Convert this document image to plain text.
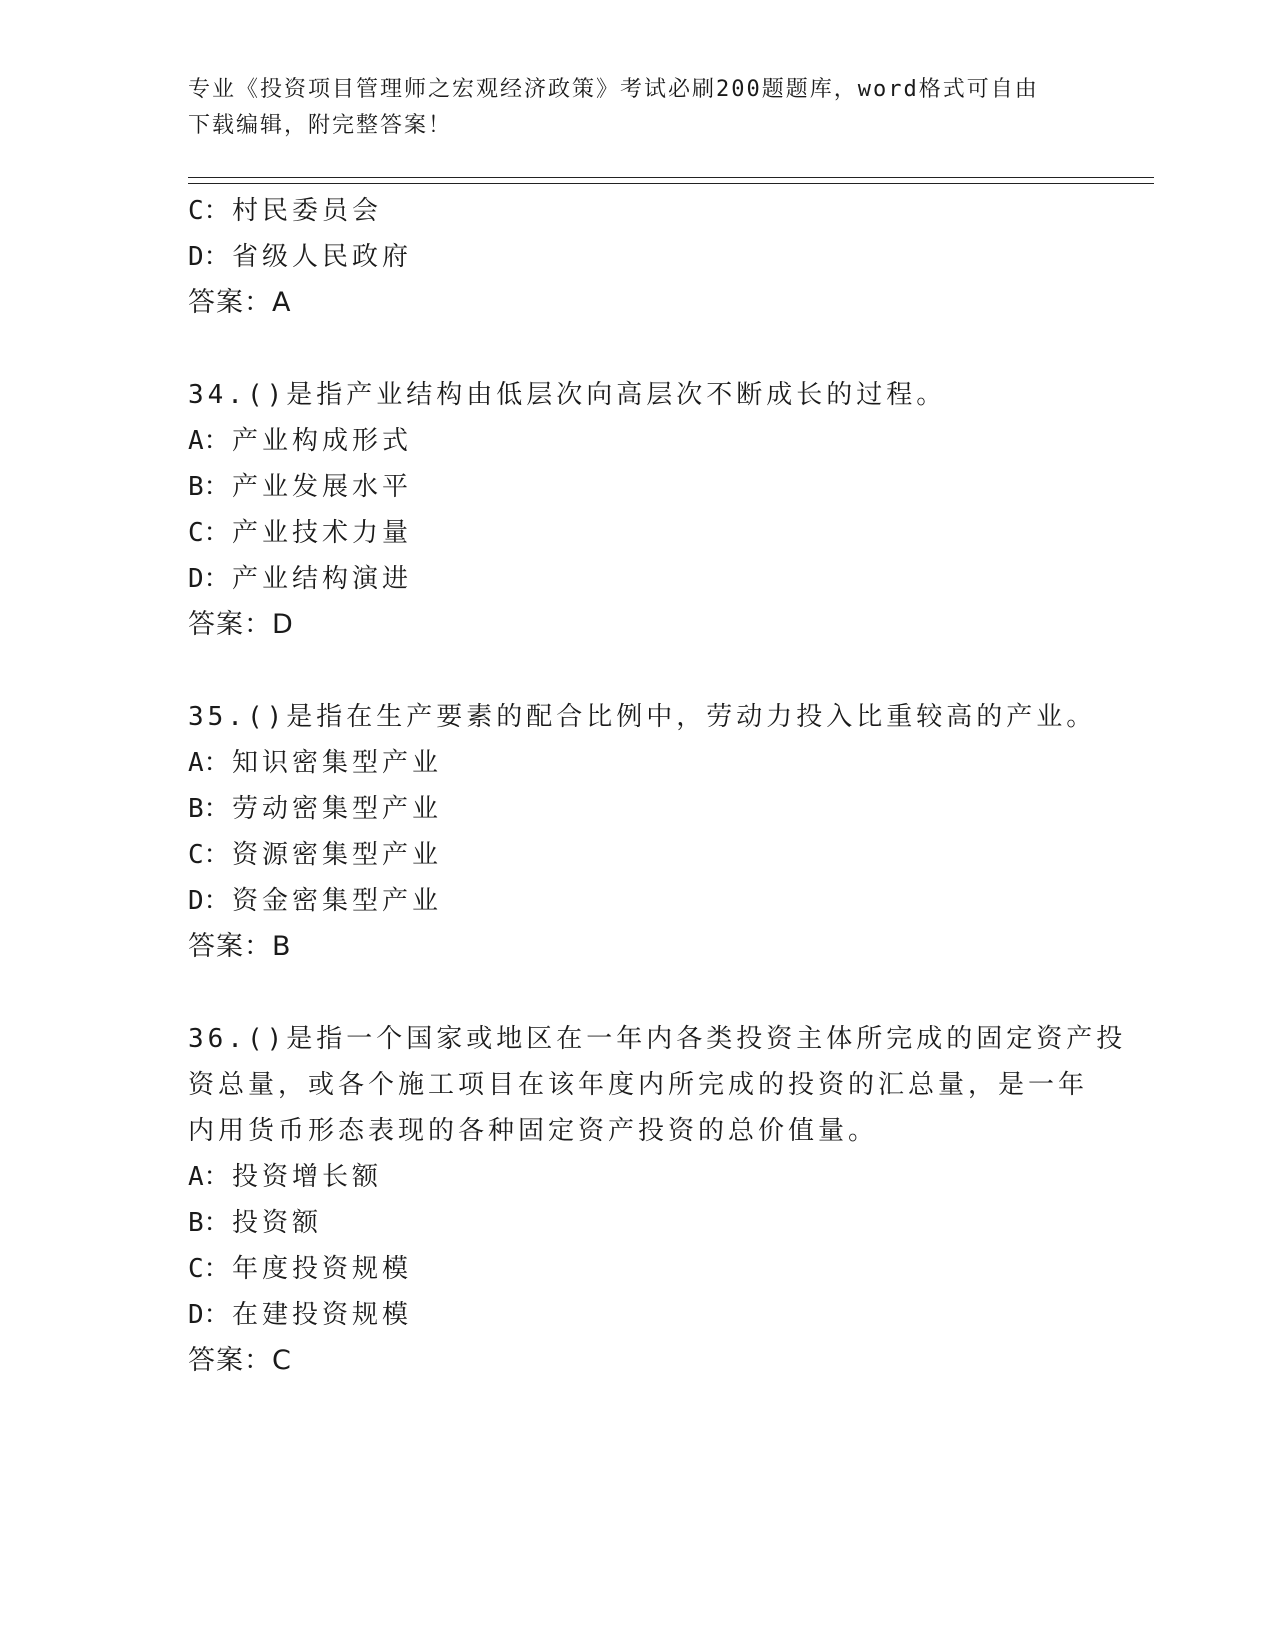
专业《投资项目管理师之宏观经济政策》考试必刷200题题库，word格式可自由
下载编辑，附完整答案！
C：村民委员会
D：省级人民政府
答案：A
34.()是指产业结构由低层次向高层次不断成长的过程。
A：产业构成形式
B：产业发展水平
C：产业技术力量
D：产业结构演进
答案：D
35.()是指在生产要素的配合比例中，劳动力投入比重较高的产业。
A：知识密集型产业
B：劳动密集型产业
C：资源密集型产业
D：资金密集型产业
答案：B
36.()是指一个国家或地区在一年内各类投资主体所完成的固定资产投
资总量，或各个施工项目在该年度内所完成的投资的汇总量，是一年
内用货币形态表现的各种固定资产投资的总价值量。
A：投资增长额
B：投资额
C：年度投资规模
D：在建投资规模
答案：C
